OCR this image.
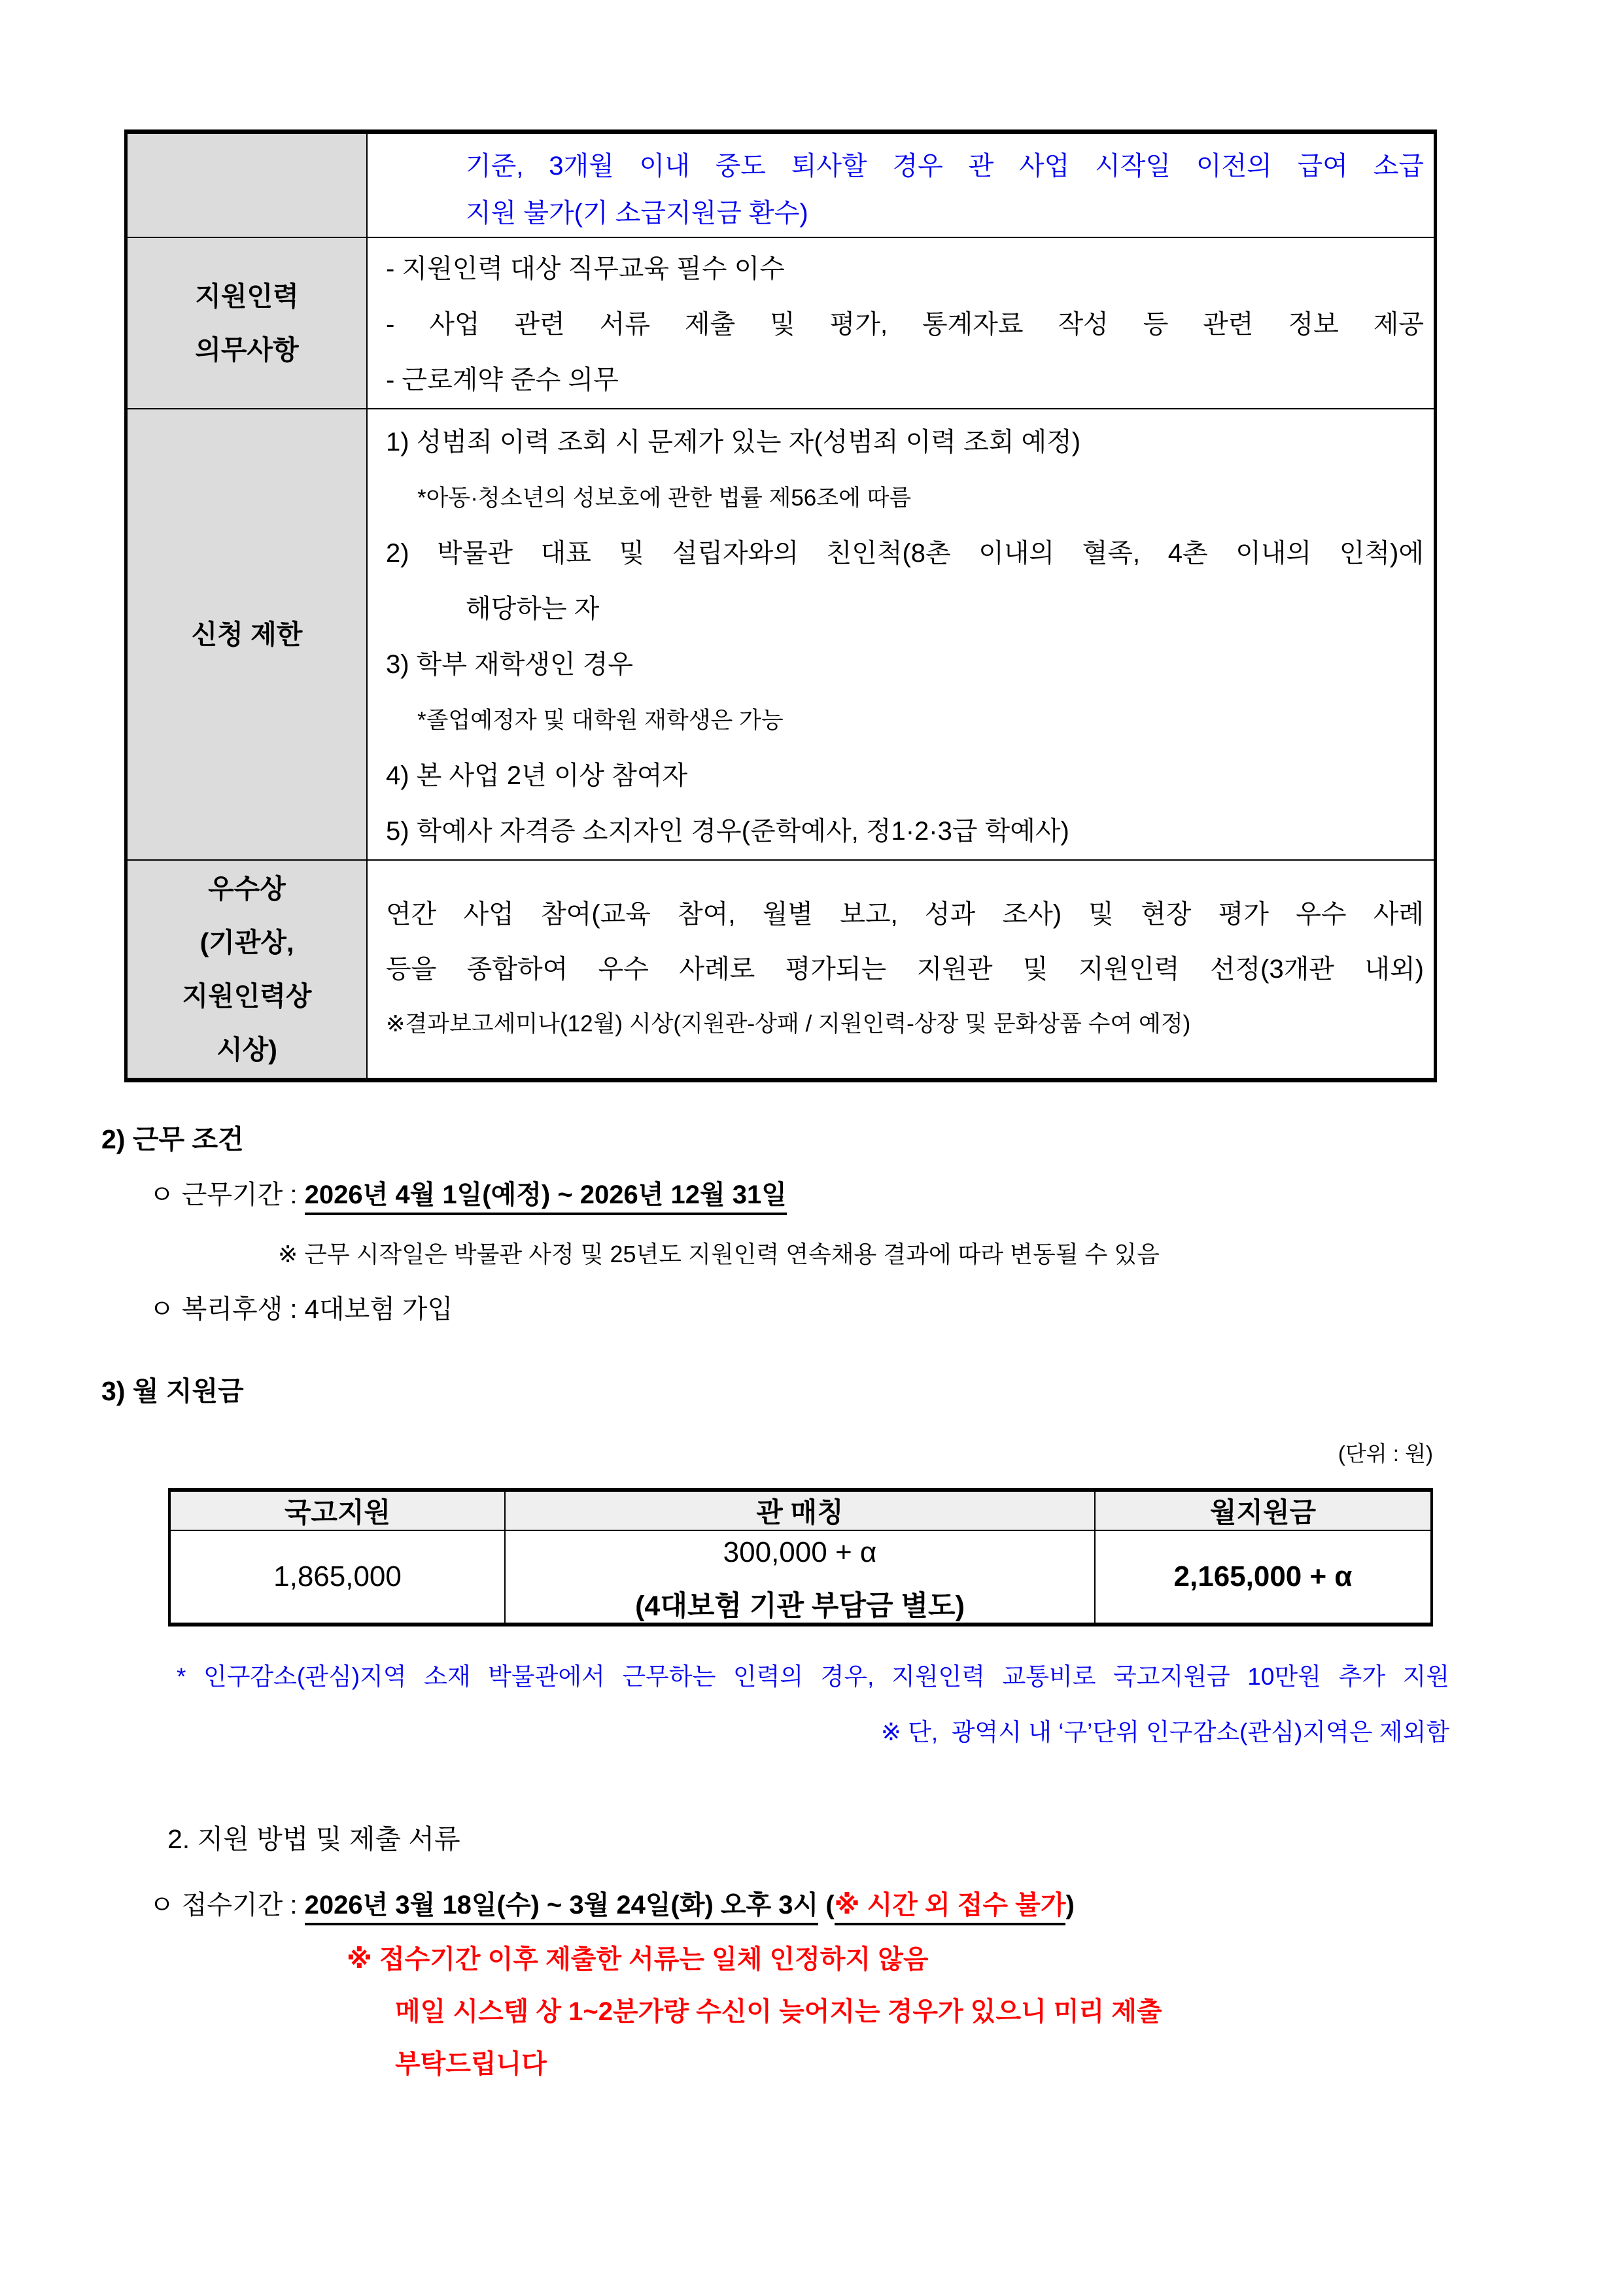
기준, 3개월 이내 중도 퇴사할 경우 관 사업 시작일 이전의 급여 소급
지원 불가(기 소급지원금 환수)
지원인력
의무사항
- 지원인력 대상 직무교육 필수 이수
- 사업 관련 서류 제출 및 평가, 통계자료 작성 등 관련 정보 제공
- 근로계약 준수 의무
신청 제한
1) 성범죄 이력 조회 시 문제가 있는 자(성범죄 이력 조회 예정)
*아동·청소년의 성보호에 관한 법률 제56조에 따름
2) 박물관 대표 및 설립자와의 친인척(8촌 이내의 혈족, 4촌 이내의 인척)에
해당하는 자
3) 학부 재학생인 경우
*졸업예정자 및 대학원 재학생은 가능
4) 본 사업 2년 이상 참여자
5) 학예사 자격증 소지자인 경우(준학예사, 정1·2·3급 학예사)
우수상
(기관상,
지원인력상
시상)
연간 사업 참여(교육 참여, 월별 보고, 성과 조사) 및 현장 평가 우수 사례
등을 종합하여 우수 사례로 평가되는 지원관 및 지원인력 선정(3개관 내외)
※결과보고세미나(12월) 시상(지원관-상패 / 지원인력-상장 및 문화상품 수여 예정)
2) 근무 조건
ㅇ 근무기간 : 2026년 4월 1일(예정) ~ 2026년 12월 31일
※ 근무 시작일은 박물관 사정 및 25년도 지원인력 연속채용 결과에 따라 변동될 수 있음
ㅇ 복리후생 : 4대보험 가입
3) 월 지원금
(단위 : 원)
국고지원	관 매칭	월지원금
1,865,000
300,000 + α
(4대보험 기관 부담금 별도)
2,165,000 + α
* 인구감소(관심)지역 소재 박물관에서 근무하는 인력의 경우, 지원인력 교통비로 국고지원금 10만원 추가 지원
※ 단,  광역시 내 ‘구’단위 인구감소(관심)지역은 제외함
2. 지원 방법 및 제출 서류
ㅇ 접수기간 : 2026년 3월 18일(수) ~ 3월 24일(화) 오후 3시 (※ 시간 외 접수 불가)
※ 접수기간 이후 제출한 서류는 일체 인정하지 않음
메일 시스템 상 1~2분가량 수신이 늦어지는 경우가 있으니 미리 제출
부탁드립니다
